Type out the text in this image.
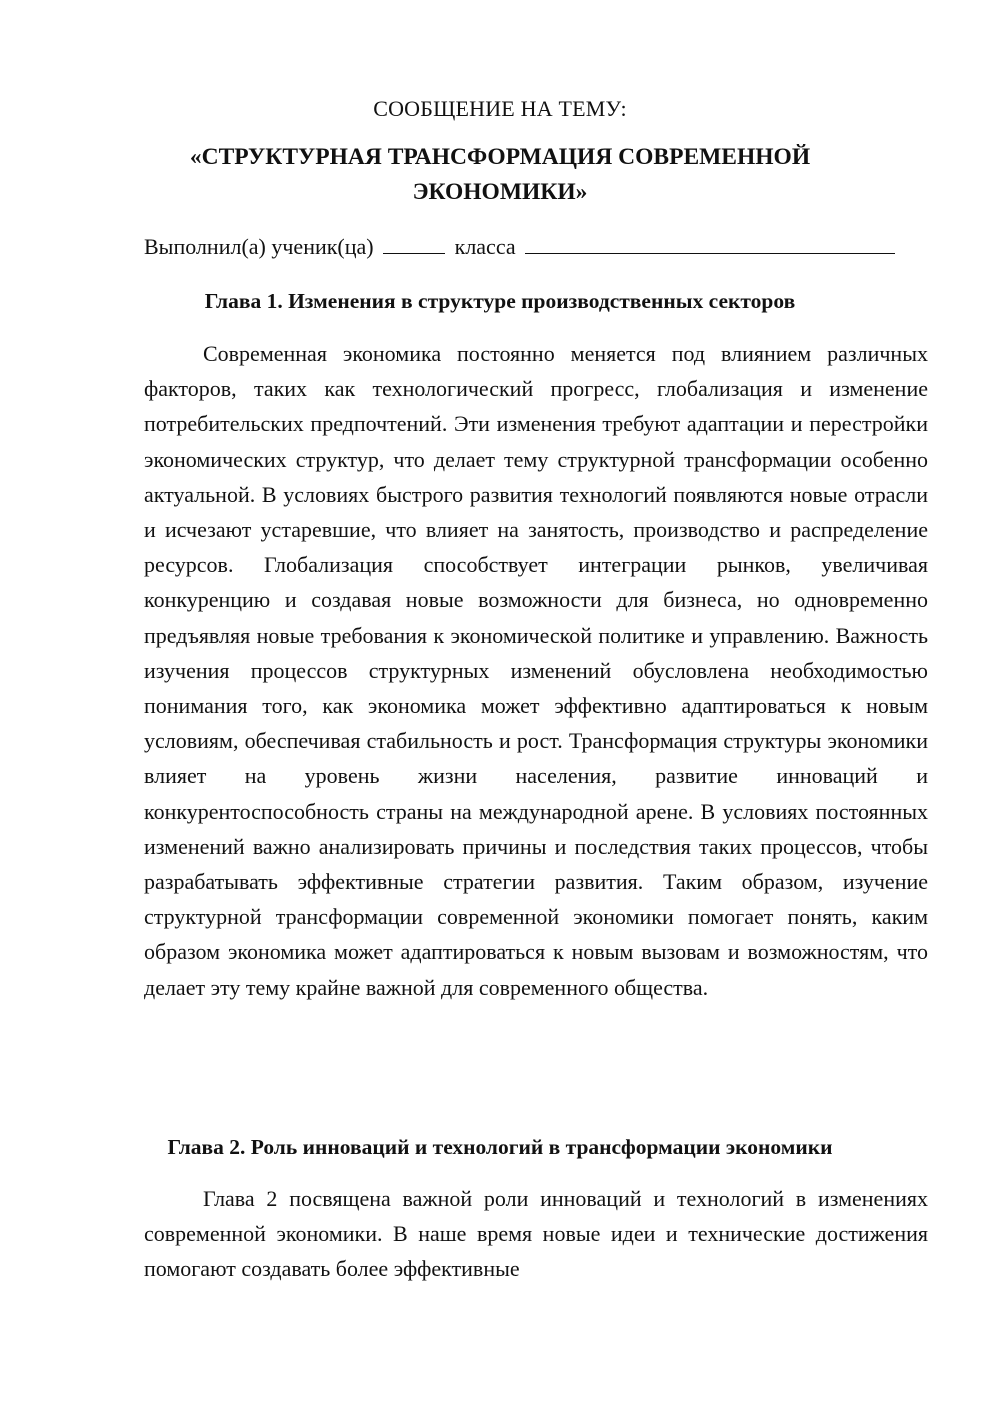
СООБЩЕНИЕ НА ТЕМУ:

«СТРУКТУРНАЯ ТРАНСФОРМАЦИЯ СОВРЕМЕННОЙ ЭКОНОМИКИ»
Выполнил(а) ученик(ца)	класса
Глава 1. Изменения в структуре производственных секторов

Современная экономика постоянно меняется под влиянием различных факторов, таких как технологический прогресс, глобализация и изменение потребительских предпочтений. Эти изменения требуют адаптации и перестройки экономических структур, что делает тему структурной трансформации особенно актуальной. В условиях быстрого развития технологий появляются новые отрасли и исчезают устаревшие, что влияет на занятость, производство и распределение ресурсов. Глобализация способствует интеграции рынков, увеличивая конкуренцию и создавая новые возможности для бизнеса, но одновременно предъявляя новые требования к экономической политике и управлению. Важность изучения процессов структурных изменений обусловлена необходимостью понимания того, как экономика может эффективно адаптироваться к новым условиям, обеспечивая стабильность и рост. Трансформация структуры экономики влияет на уровень жизни населения, развитие инноваций и конкурентоспособность страны на международной арене. В условиях постоянных изменений важно анализировать причины и последствия таких процессов, чтобы разрабатывать эффективные стратегии развития. Таким образом, изучение структурной трансформации современной экономики помогает понять, каким образом экономика может адаптироваться к новым вызовам и возможностям, что делает эту тему крайне важной для современного общества.

Глава 2. Роль инноваций и технологий в трансформации экономики

Глава 2 посвящена важной роли инноваций и технологий в изменениях современной экономики. В наше время новые идеи и технические достижения помогают создавать более эффективные
